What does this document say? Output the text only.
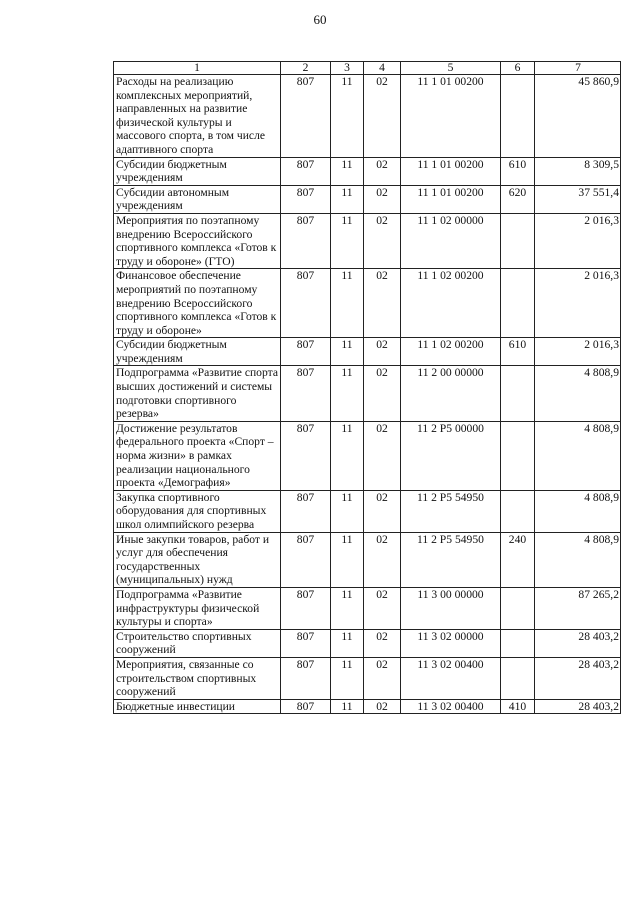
60
1	2	3	4	5	6	7
Расходы на реализацию комплексных мероприятий, направленных на развитие физической культуры и массового спорта, в том числе адаптивного спорта	807	11	02	11 1 01 00200		45 860,9
Субсидии бюджетным учреждениям	807	11	02	11 1 01 00200	610	8 309,5
Субсидии автономным учреждениям	807	11	02	11 1 01 00200	620	37 551,4
Мероприятия по поэтапному внедрению Всероссийского спортивного комплекса «Готов к труду и обороне» (ГТО)	807	11	02	11 1 02 00000		2 016,3
Финансовое обеспечение мероприятий по поэтапному внедрению Всероссийского спортивного комплекса «Готов к труду и обороне»	807	11	02	11 1 02 00200		2 016,3
Субсидии бюджетным учреждениям	807	11	02	11 1 02 00200	610	2 016,3
Подпрограмма «Развитие спорта высших достижений и системы подготовки спортивного резерва»	807	11	02	11 2 00 00000		4 808,9
Достижение результатов федерального проекта «Спорт – норма жизни» в рамках реализации национального проекта «Демография»	807	11	02	11 2 P5 00000		4 808,9
Закупка спортивного оборудования для спортивных школ олимпийского резерва	807	11	02	11 2 P5 54950		4 808,9
Иные закупки товаров, работ и услуг для обеспечения государственных (муниципальных) нужд	807	11	02	11 2 P5 54950	240	4 808,9
Подпрограмма «Развитие инфраструктуры физической культуры и спорта»	807	11	02	11 3 00 00000		87 265,2
Строительство спортивных сооружений	807	11	02	11 3 02 00000		28 403,2
Мероприятия, связанные со строительством спортивных сооружений	807	11	02	11 3 02 00400		28 403,2
Бюджетные инвестиции	807	11	02	11 3 02 00400	410	28 403,2
